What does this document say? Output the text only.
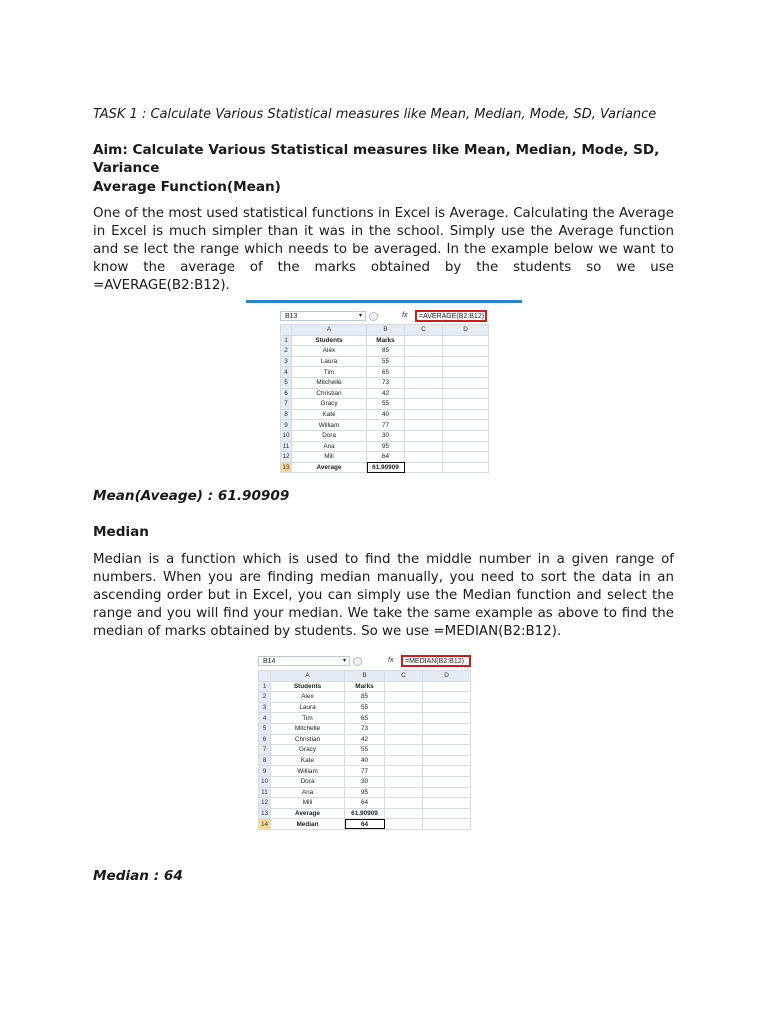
TASK 1 : Calculate Various Statistical measures like Mean, Median, Mode, SD, Variance
Aim: Calculate Various Statistical measures like Mean, Median, Mode, SD, Variance
Average Function(Mean)
One of the most used statistical functions in Excel is Average. Calculating the Average in Excel is much simpler than it was in the school. Simply use the Average function and se lect the range which needs to be averaged. In the example below we want to know the average of the marks obtained by the students so we use =AVERAGE(B2:B12).
B13	▾	fx	=AVERAGE(B2:B12)
	A	B	C	D
1	Students	Marks		
2	Alex	85		
3	Laura	55		
4	Tim	65		
5	Mitchelle	73		
6	Christian	42		
7	Gracy	55		
8	Kate	40		
9	William	77		
10	Dora	30		
11	Ana	95		
12	Mili	64		
13	Average	61.90909		
Mean(Aveage) : 61.90909
Median
Median is a function which is used to find the middle number in a given range of numbers. When you are finding median manually, you need to sort the data in an ascending order but in Excel, you can simply use the Median function and select the range and you will find your median. We take the same example as above to find the median of marks obtained by students. So we use =MEDIAN(B2:B12).
B14	▾	fx	=MEDIAN(B2:B12)
	A	B	C	D
1	Students	Marks		
2	Alex	85		
3	Laura	55		
4	Tim	65		
5	Mitchelle	73		
6	Christian	42		
7	Gracy	55		
8	Kate	40		
9	William	77		
10	Dora	30		
11	Ana	95		
12	Mili	64		
13	Average	61.90909		
14	Median	64		
Median : 64
